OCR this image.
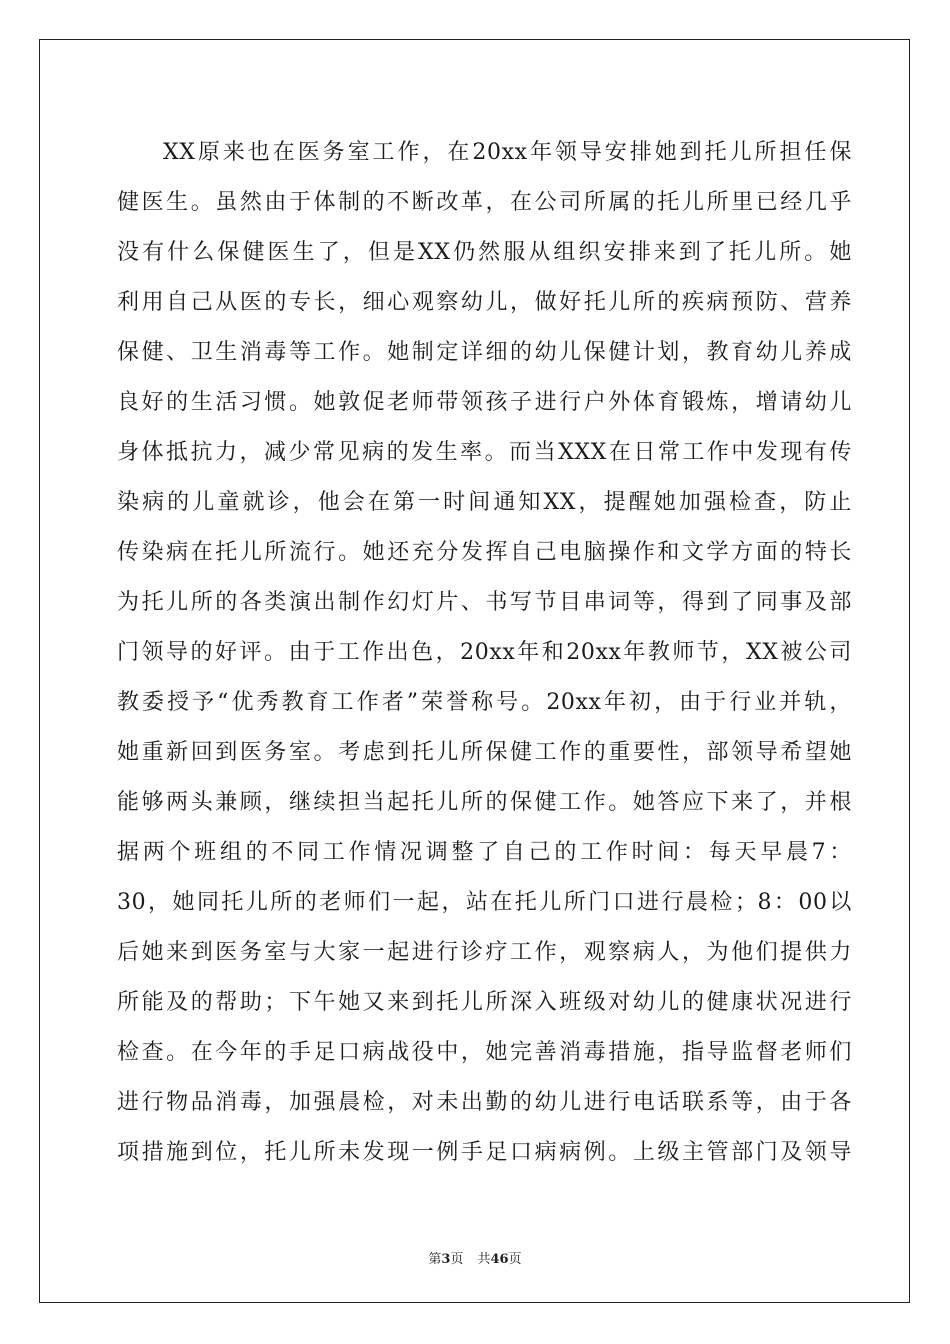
XX原来也在医务室工作，在20xx年领导安排她到托儿所担任保
健医生。虽然由于体制的不断改革，在公司所属的托儿所里已经几乎
没有什么保健医生了，但是XX仍然服从组织安排来到了托儿所。她
利用自己从医的专长，细心观察幼儿，做好托儿所的疾病预防、营养
保健、卫生消毒等工作。她制定详细的幼儿保健计划，教育幼儿养成
良好的生活习惯。她敦促老师带领孩子进行户外体育锻炼，增请幼儿
身体抵抗力，减少常见病的发生率。而当XXX在日常工作中发现有传
染病的儿童就诊，他会在第一时间通知XX，提醒她加强检查，防止
传染病在托儿所流行。她还充分发挥自己电脑操作和文学方面的特长
为托儿所的各类演出制作幻灯片、书写节目串词等，得到了同事及部
门领导的好评。由于工作出色，20xx年和20xx年教师节，XX被公司
教委授予“优秀教育工作者”荣誉称号。20xx年初，由于行业并轨，
她重新回到医务室。考虑到托儿所保健工作的重要性，部领导希望她
能够两头兼顾，继续担当起托儿所的保健工作。她答应下来了，并根
据两个班组的不同工作情况调整了自己的工作时间：每天早晨7：
30，她同托儿所的老师们一起，站在托儿所门口进行晨检；8：00以
后她来到医务室与大家一起进行诊疗工作，观察病人，为他们提供力
所能及的帮助；下午她又来到托儿所深入班级对幼儿的健康状况进行
检查。在今年的手足口病战役中，她完善消毒措施，指导监督老师们
进行物品消毒，加强晨检，对未出勤的幼儿进行电话联系等，由于各
项措施到位，托儿所未发现一例手足口病病例。上级主管部门及领导
第3页 共46页
